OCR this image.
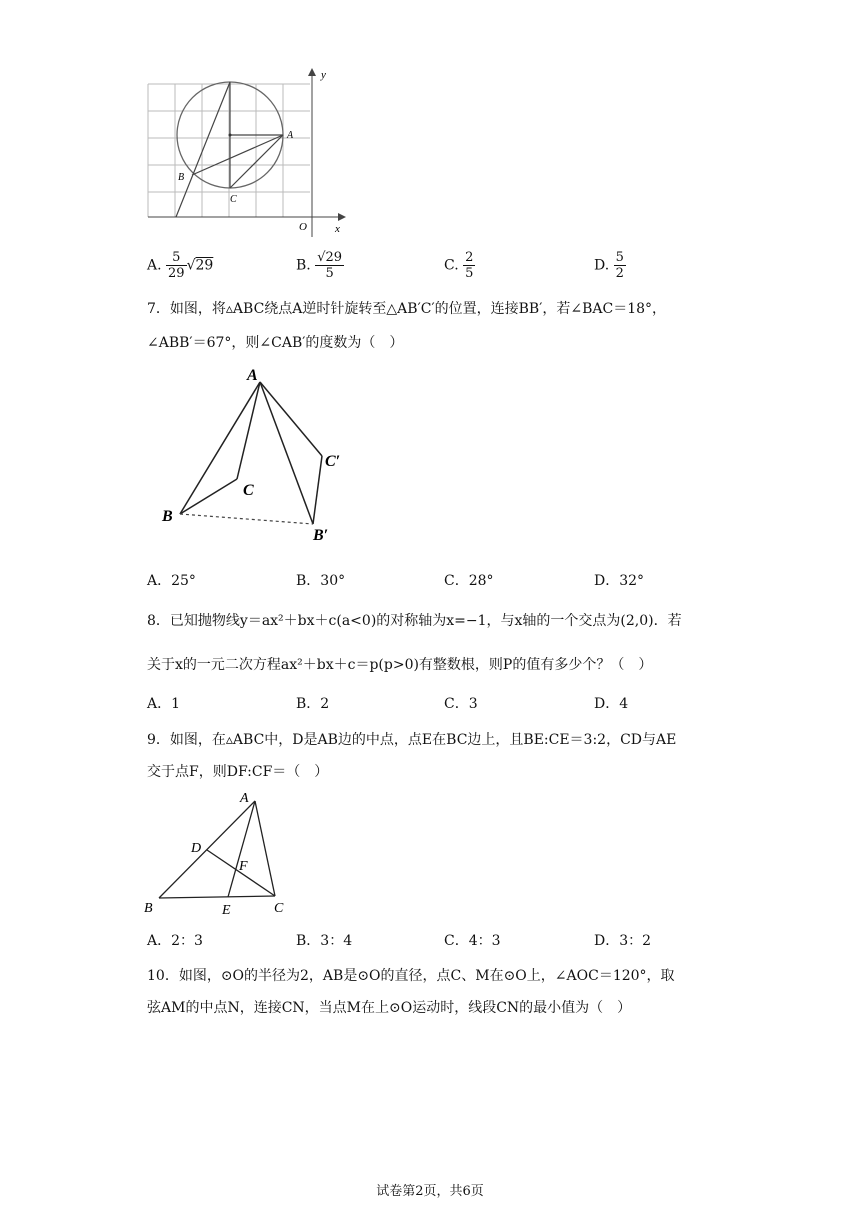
y
x
O
A
B
C
A. $\frac{5}{29} √29$	B. $\frac{√29}{5}$	C. $\frac{2}{5}$	D. $\frac{5}{2}$
7．如图，将▵ABC绕点A逆时针旋转至△AB′C′的位置，连接BB′，若∠BAC＝18°，
∠ABB′＝67°，则∠CAB′的度数为（　）
A
B
C
C′
B′
A．25°	B．30°	C．28°	D．32°
8．已知抛物线y＝ax²＋bx＋c(a<0)的对称轴为x=−1，与x轴的一个交点为(2,0)．若
关于x的一元二次方程ax²＋bx＋c＝p(p>0)有整数根，则P的值有多少个？（　）
A．1	B．2	C．3	D．4
9．如图，在▵ABC中，D是AB边的中点，点E在BC边上，且BE:CE＝3:2，CD与AE
交于点F，则DF:CF＝（　）
A
D
F
B	E	C
A．2：3	B．3：4	C．4：3	D．3：2
10．如图，⊙O的半径为2，AB是⊙O的直径，点C、M在⊙O上，∠AOC＝120°，取
弦AM的中点N，连接CN，当点M在上⊙O运动时，线段CN的最小值为（　）
试卷第2页，共6页
